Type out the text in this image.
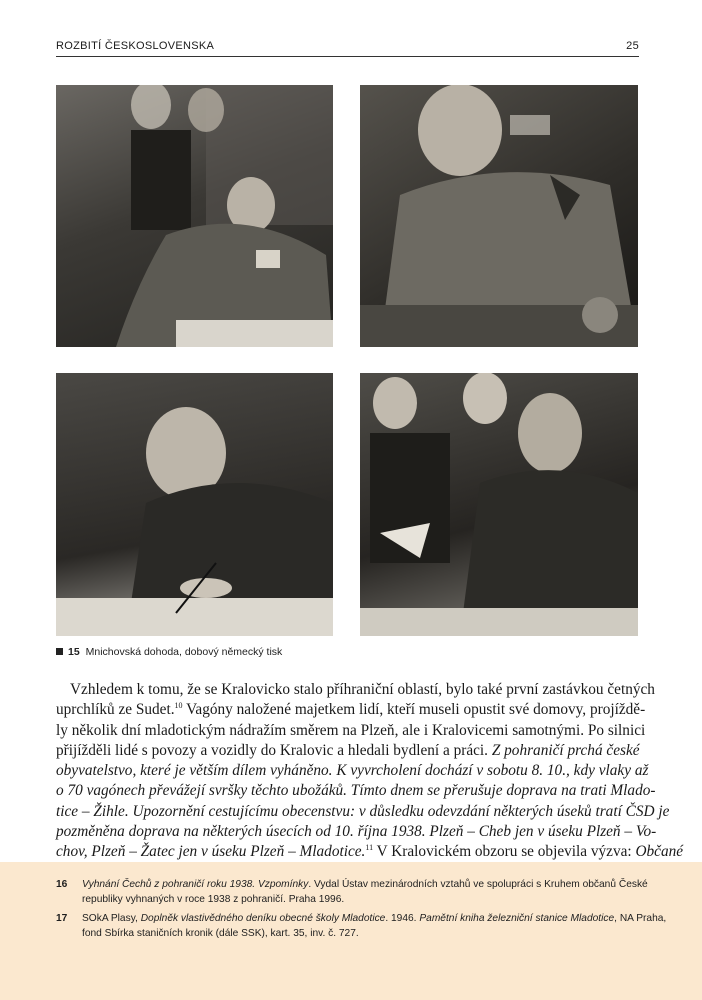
ROZBITÍ ČESKOSLOVENSKA	25
15 Mnichovská dohoda, dobový německý tisk
Vzhledem k tomu, že se Kralovicko stalo příhraniční oblastí, bylo také první zastávkou četných
uprchlíků ze Sudet.$^{10}$ Vagóny naložené majetkem lidí, kteří museli opustit své domovy, projíždě-
ly několik dní mladotickým nádražím směrem na Plzeň, ale i Kralovicemi samotnými. Po silnici
přijížděli lidé s povozy a vozidly do Kralovic a hledali bydlení a práci. Z pohraničí prchá české
obyvatelstvo, které je větším dílem vyháněno. K vyvrcholení dochází v sobotu 8. 10., kdy vlaky až
o 70 vagónech převážejí svršky těchto ubožáků. Tímto dnem se přerušuje doprava na trati Mlado-
tice – Žihle. Upozornění cestujícímu obecenstvu: v důsledku odevzdání některých úseků tratí ČSD je
pozměněna doprava na některých úsecích od 10. října 1938. Plzeň – Cheb jen v úseku Plzeň – Vo-
chov, Plzeň – Žatec jen v úseku Plzeň – Mladotice.$^{11}$ V Kralovickém obzoru se objevila výzva: Občané
16 Vyhnání Čechů z pohraničí roku 1938. Vzpomínky. Vydal Ústav mezinárodních vztahů ve spolupráci s Kruhem občanů České
republiky vyhnaných v roce 1938 z pohraničí. Praha 1996.
17 SOkA Plasy, Doplněk vlastivědného deníku obecné školy Mladotice. 1946. Pamětní kniha železniční stanice Mladotice, NA Praha,
fond Sbírka staničních kronik (dále SSK), kart. 35, inv. č. 727.
